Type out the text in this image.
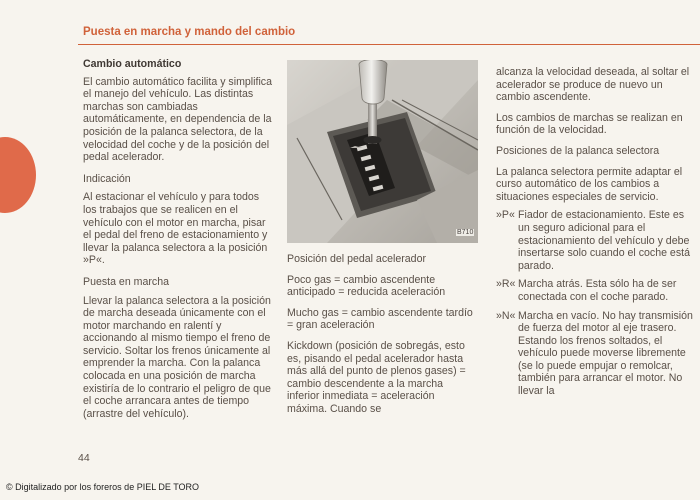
Puesta en marcha y mando del cambio

Cambio automático

El cambio automático facilita y simplifica el manejo del vehículo. Las distintas marchas son cambiadas automáticamente, en dependencia de la posición de la palanca selectora, de la velocidad del coche y de la posición del pedal acelerador.

Indicación

Al estacionar el vehículo y para todos los trabajos que se realicen en el vehículo con el motor en marcha, pisar el pedal del freno de estacionamiento y llevar la palanca selectora a la posición »P«.

Puesta en marcha

Llevar la palanca selectora a la posición de marcha deseada únicamente con el motor marchando en ralentí y accionando al mismo tiempo el freno de servicio. Soltar los frenos únicamente al emprender la marcha. Con la palanca colocada en una posición de marcha existiría de lo contrario el peligro de que el coche arrancara antes de tiempo (arrastre del vehículo).

B710

Posición del pedal acelerador

Poco gas = cambio ascendente anticipado = reducida aceleración

Mucho gas = cambio ascendente tardío = gran aceleración

Kickdown (posición de sobregás, esto es, pisando el pedal acelerador hasta más allá del punto de plenos gases) = cambio descendente a la marcha inferior inmediata = aceleración máxima. Cuando se

alcanza la velocidad deseada, al soltar el acelerador se produce de nuevo un cambio ascendente.

Los cambios de marchas se realizan en función de la velocidad.

Posiciones de la palanca selectora

La palanca selectora permite adaptar el curso automático de los cambios a situaciones especiales de servicio.

»P« Fiador de estacionamiento. Este es un seguro adicional para el estacionamiento del vehículo y debe insertarse solo cuando el coche está parado.
»R« Marcha atrás. Esta sólo ha de ser conectada con el coche parado.
»N« Marcha en vacío. No hay transmisión de fuerza del motor al eje trasero. Estando los frenos soltados, el vehículo puede moverse libremente (se lo puede empujar o remolcar, también para arrancar el motor. No llevar la
44
© Digitalizado por los foreros de PIEL DE TORO
